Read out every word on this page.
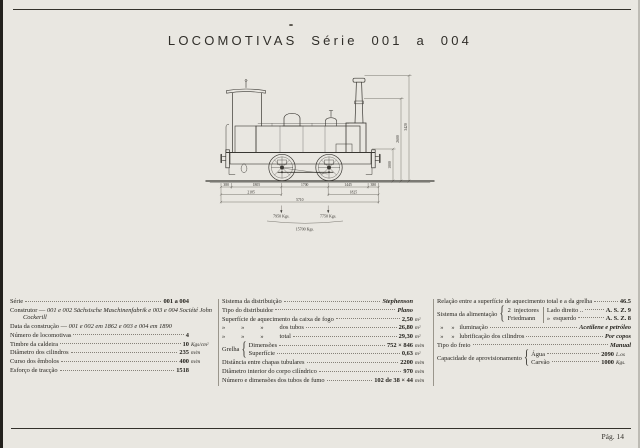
LOCOMOTIVAS Série 001 a 004
380	1805	1700	1445	380
2185	1825
5710
7950 Kgs.	7750 Kgs.
15700 Kgs.
1000
2600
3420
Série	001 a 004
Construtor — 001 e 002 Sächsische Maschinenfabrik e 003 e 004 Société John Cockerill
Data da construção — 001 e 002 em 1862 e 003 e 004 em 1890
Número de locomotivas	4
Timbre da caldeira	10 Kgs/cm²
Diâmetro dos cilindros	235 m/m
Curso dos êmbolos	400 m/m
Esforço de tracção	1518
Sistema da distribuição	Stephenson
Tipo do distribuidor	Plano
Superfície de aquecimento da caixa de fogo	2,50 m²
»          »          »          dos tubos	26,80 m²
»          »          »          total	29,30 m²
Grelha { Dimensões	752 × 846 m/m
Superfície	0,63 m²
Distância entre chapas tubulares	2200 m/m
Diâmetro interior do corpo cilíndrico	970 m/m
Número e dimensões dos tubos de fumo	102 de 38 × 44 m/m
Relação entre a superfície de aquecimento total e a da grelha	46.5
Sistema da alimentação { 2  injectores
Friedmann
Lado direito ..	A. S. Z. 9
»  esquerdo	A. S. Z. 8
»     »   iluminação	Acetilene e petróleo
»     »   lubrificação dos cilindros	Por copos
Tipo do freio	Manual
Capacidade de aprovisionamento { Água	2090 L.os
Carvão	1000 Kgs.
Pág. 14
